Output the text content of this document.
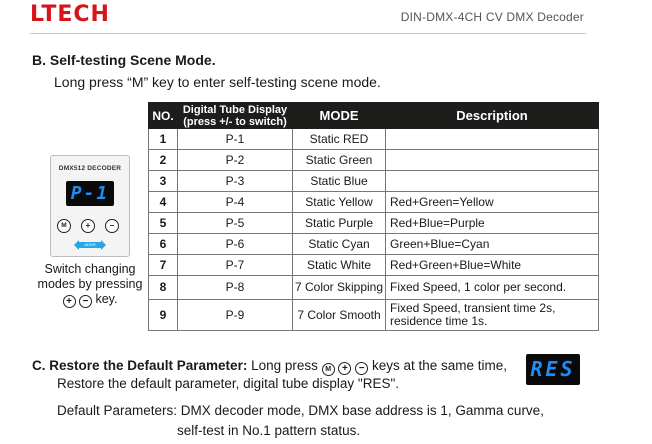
LTECH	DIN-DMX-4CH CV DMX Decoder
B. Self-testing Scene Mode.
Long press “M” key to enter self-testing scene mode.
DMX512 DECODER
P-1
M	+	−
ADDR
Switch changing
modes by pressing
+ − key.
NO.	Digital Tube Display
(press +/- to switch)	MODE	Description
1	P-1	Static RED	
2	P-2	Static Green	
3	P-3	Static Blue	
4	P-4	Static Yellow	Red+Green=Yellow
5	P-5	Static Purple	Red+Blue=Purple
6	P-6	Static Cyan	Green+Blue=Cyan
7	P-7	Static White	Red+Green+Blue=White
8	P-8	7 Color Skipping	Fixed Speed, 1 color per second.
9	P-9	7 Color Smooth	Fixed Speed, transient time 2s,
residence time 1s.
C. Restore the Default Parameter: Long press M + − keys at the same time,
Restore the default parameter, digital tube display "RES".
RES
Default Parameters: DMX decoder mode, DMX base address is 1, Gamma curve,
self-test in No.1 pattern status.
